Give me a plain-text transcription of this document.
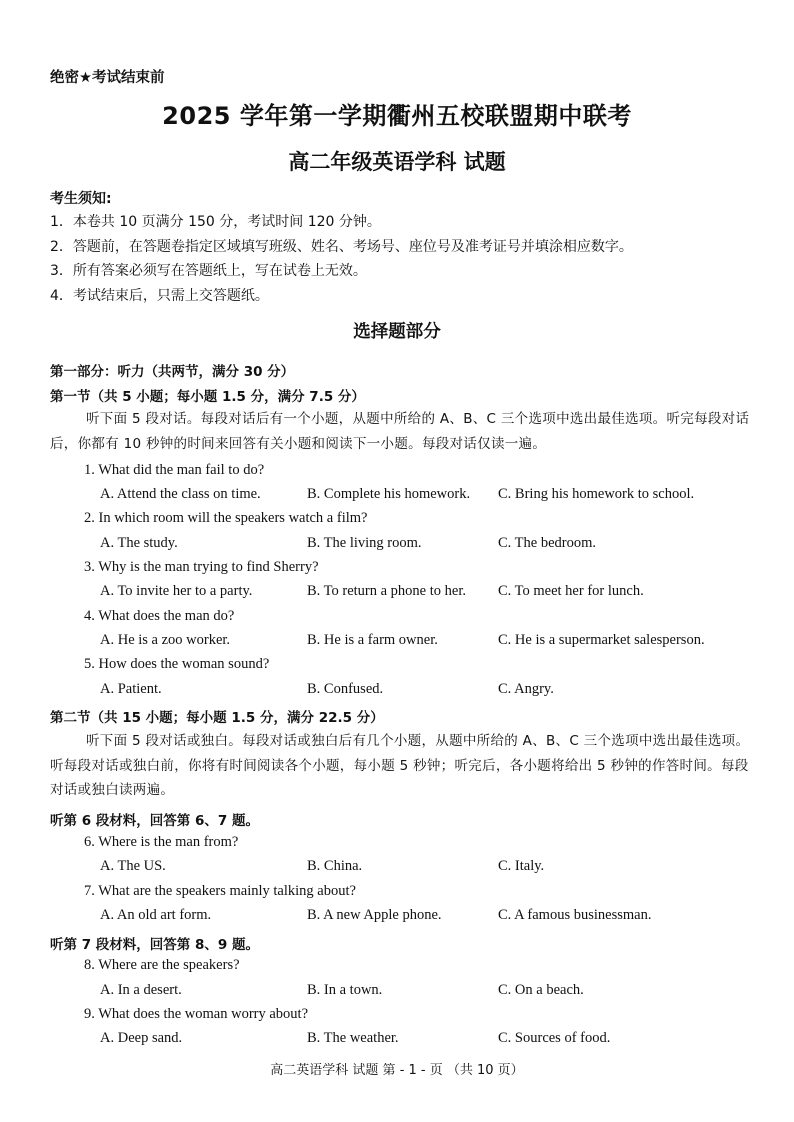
绝密★考试结束前
2025 学年第一学期衢州五校联盟期中联考
高二年级英语学科 试题
考生须知:
1．本卷共 10 页满分 150 分，考试时间 120 分钟。
2．答题前，在答题卷指定区域填写班级、姓名、考场号、座位号及准考证号并填涂相应数字。
3．所有答案必须写在答题纸上，写在试卷上无效。
4．考试结束后，只需上交答题纸。
选择题部分
第一部分：听力（共两节，满分 30 分）
第一节（共 5 小题；每小题 1.5 分，满分 7.5 分）

听下面 5 段对话。每段对话后有一个小题，从题中所给的 A、B、C 三个选项中选出最佳选项。听完每段对话后，你都有 10 秒钟的时间来回答有关小题和阅读下一小题。每段对话仅读一遍。

1. What did the man fail to do?
A. Attend the class on time.	B. Complete his homework. C. Bring his homework to school.
2. In which room will the speakers watch a film?
A. The study.	B. The living room.	C. The bedroom.
3. Why is the man trying to find Sherry?
A. To invite her to a party.	B. To return a phone to her. C. To meet her for lunch.
4. What does the man do?
A. He is a zoo worker.	B. He is a farm owner.	C. He is a supermarket salesperson.
5. How does the woman sound?
A. Patient.	B. Confused.	C. Angry.
第二节（共 15 小题；每小题 1.5 分，满分 22.5 分）

听下面 5 段对话或独白。每段对话或独白后有几个小题，从题中所给的 A、B、C 三个选项中选出最佳选项。听每段对话或独白前，你将有时间阅读各个小题，每小题 5 秒钟；听完后，各小题将给出 5 秒钟的作答时间。每段对话或独白读两遍。

听第 6 段材料，回答第 6、7 题。
6. Where is the man from?
A. The US.	B. China.	C. Italy.
7. What are the speakers mainly talking about?
A. An old art form.	B. A new Apple phone.	C. A famous businessman.
听第 7 段材料，回答第 8、9 题。
8. Where are the speakers?
A. In a desert.	B. In a town.	C. On a beach.
9. What does the woman worry about?
A. Deep sand.	B. The weather.	C. Sources of food.
高二英语学科 试题 第 - 1 - 页 （共 10 页）
